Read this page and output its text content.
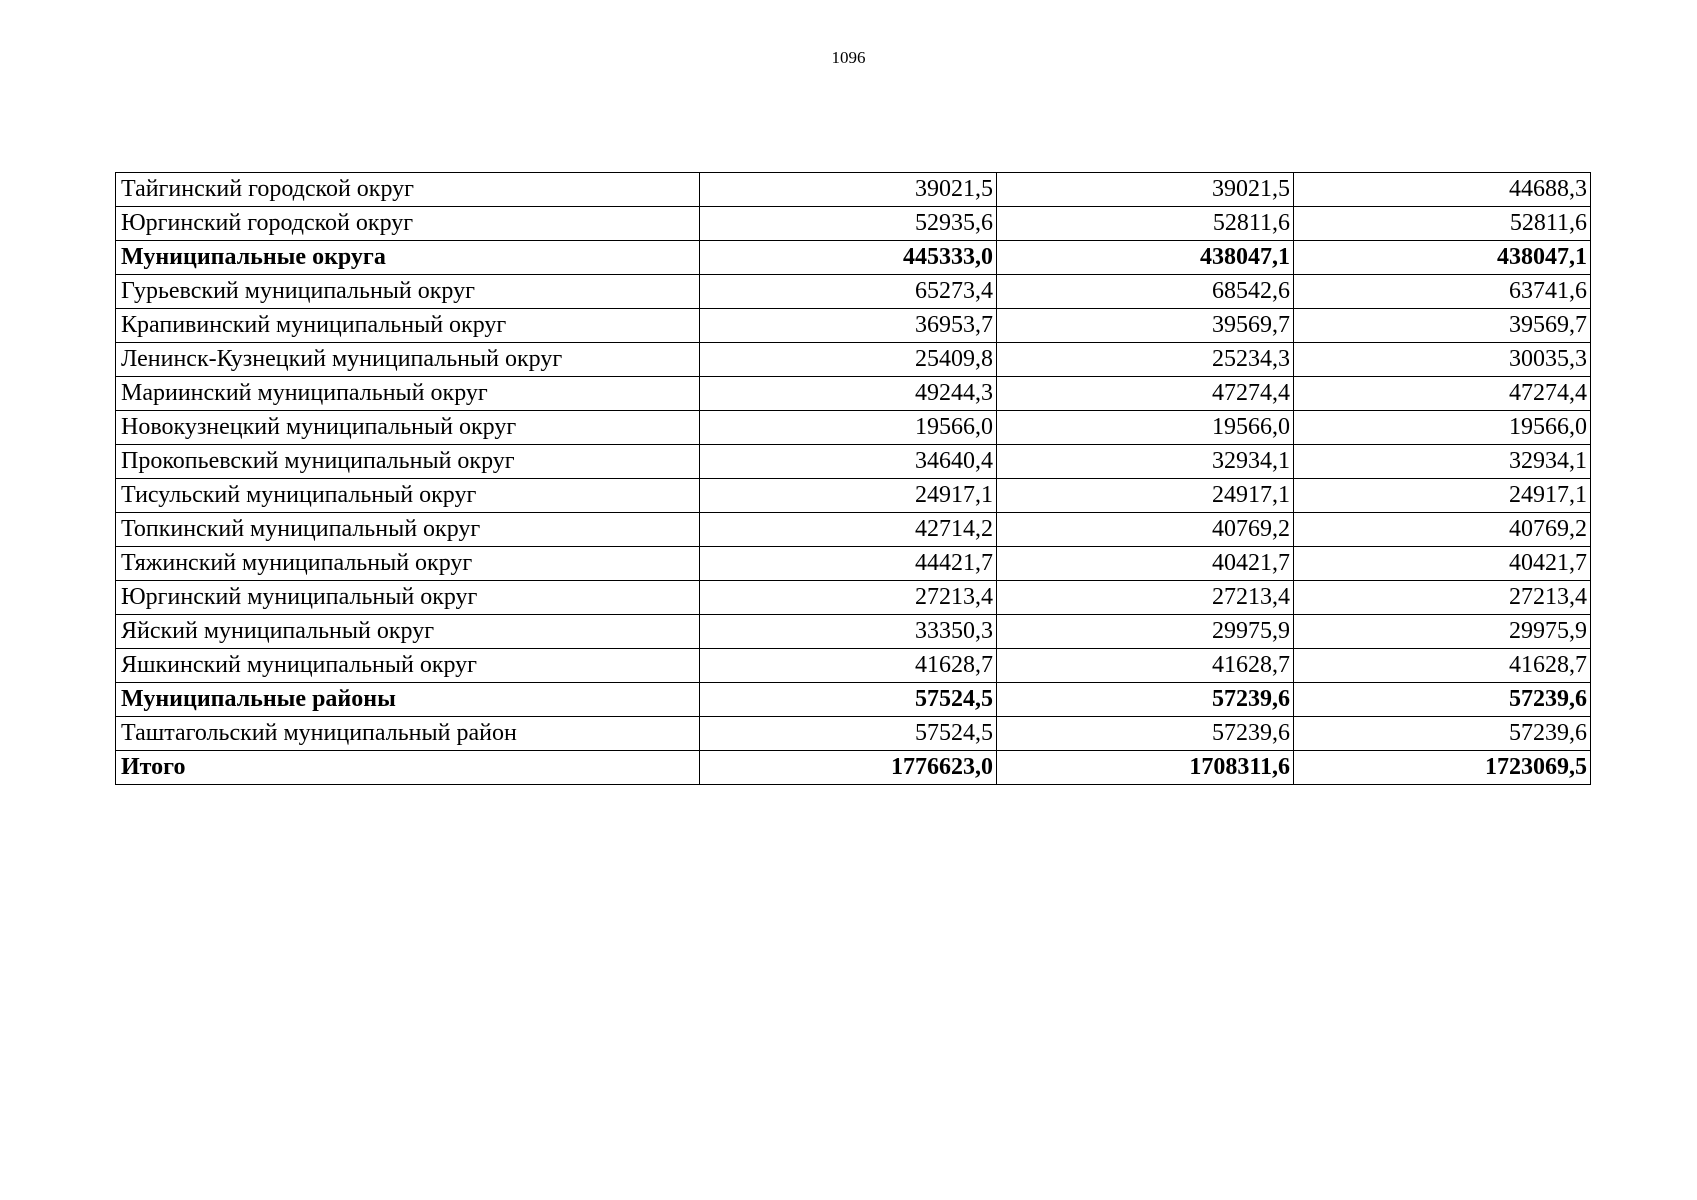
1096
Тайгинский городской округ	39021,5	39021,5	44688,3
Юргинский городской округ	52935,6	52811,6	52811,6
Муниципальные округа	445333,0	438047,1	438047,1
Гурьевский муниципальный округ	65273,4	68542,6	63741,6
Крапивинский муниципальный округ	36953,7	39569,7	39569,7
Ленинск-Кузнецкий муниципальный округ	25409,8	25234,3	30035,3
Мариинский муниципальный округ	49244,3	47274,4	47274,4
Новокузнецкий муниципальный округ	19566,0	19566,0	19566,0
Прокопьевский муниципальный округ	34640,4	32934,1	32934,1
Тисульский муниципальный округ	24917,1	24917,1	24917,1
Топкинский муниципальный округ	42714,2	40769,2	40769,2
Тяжинский муниципальный округ	44421,7	40421,7	40421,7
Юргинский муниципальный округ	27213,4	27213,4	27213,4
Яйский муниципальный округ	33350,3	29975,9	29975,9
Яшкинский муниципальный округ	41628,7	41628,7	41628,7
Муниципальные районы	57524,5	57239,6	57239,6
Таштагольский муниципальный район	57524,5	57239,6	57239,6
Итого	1776623,0	1708311,6	1723069,5
